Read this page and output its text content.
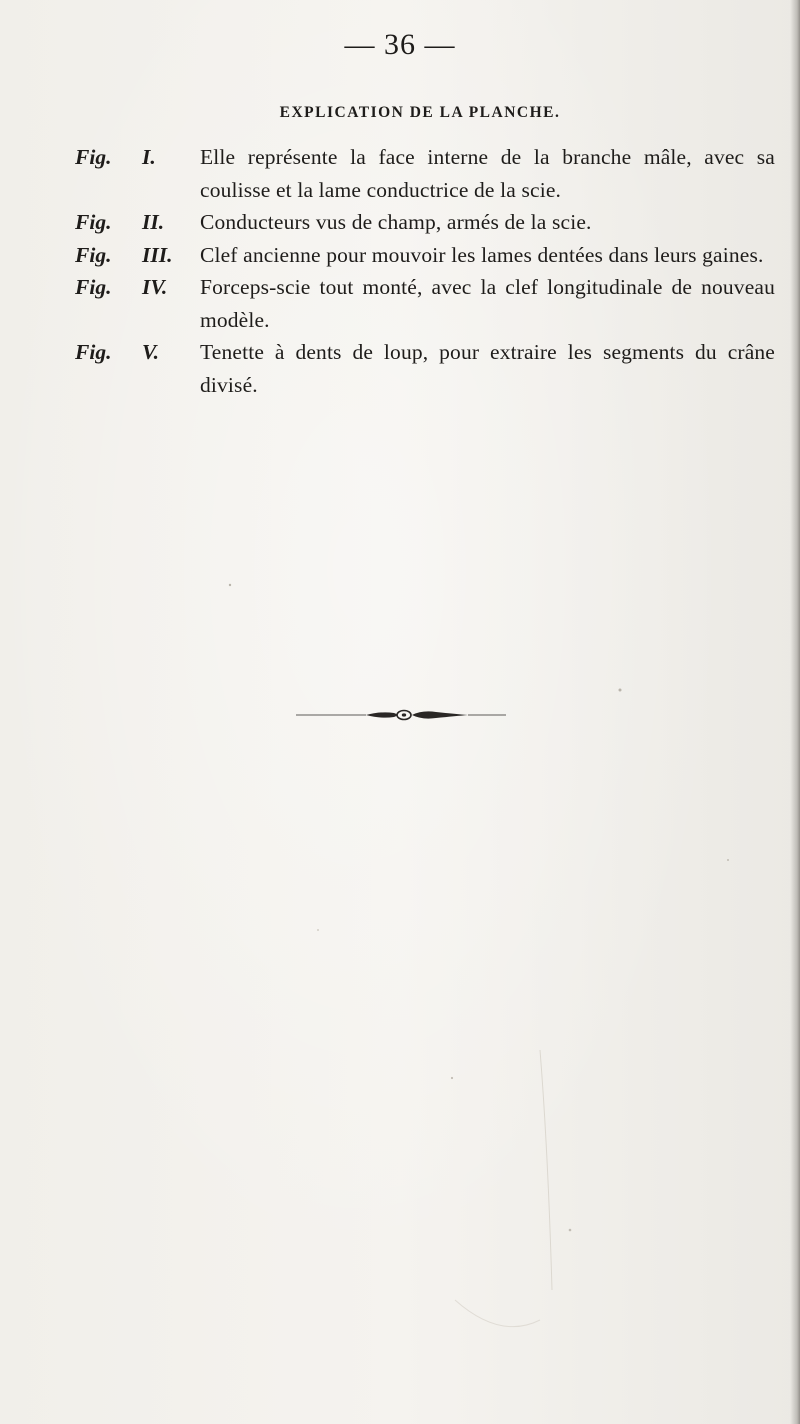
— 36 —
EXPLICATION DE LA PLANCHE.
Fig.	I.	Elle représente la face interne de la branche mâle, avec sa coulisse et la lame conductrice de la scie.
Fig.	II.	Conducteurs vus de champ, armés de la scie.
Fig.	III.	Clef ancienne pour mouvoir les lames dentées dans leurs gaines.
Fig.	IV.	Forceps-scie tout monté, avec la clef longitudinale de nouveau modèle.
Fig.	V.	Tenette à dents de loup, pour extraire les segments du crâne divisé.
